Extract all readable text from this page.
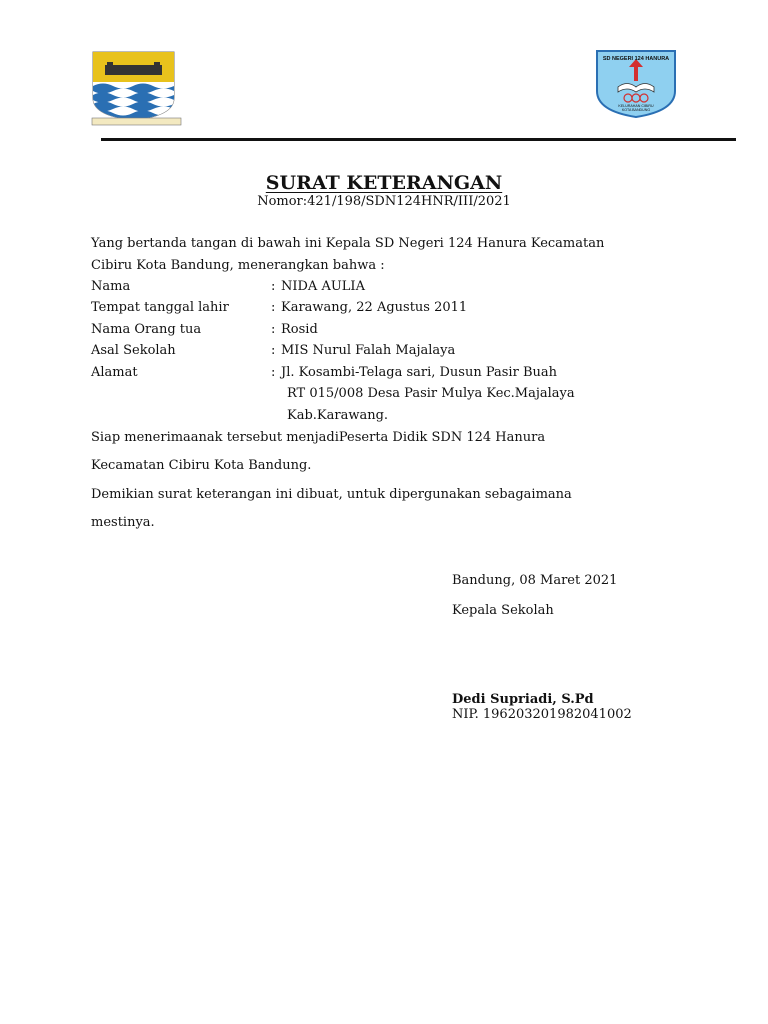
SD NEGERI 124 HANURA
KELURAHAN CIBIRU
KOTA BANDUNG
SURAT KETERANGAN
Nomor:421/198/SDN124HNR/III/2021
Yang bertanda tangan di bawah ini Kepala SD Negeri 124 Hanura Kecamatan
Cibiru Kota Bandung, menerangkan bahwa :
Nama	: NIDA AULIA
Tempat tanggal lahir	: Karawang, 22 Agustus 2011
Nama Orang tua	: Rosid
Asal Sekolah	: MIS Nurul Falah Majalaya
Alamat	: Jl. Kosambi-Telaga sari, Dusun Pasir Buah
RT 015/008 Desa Pasir Mulya Kec.Majalaya
Kab.Karawang.
Siap menerimaanak tersebut menjadiPeserta Didik SDN 124 Hanura
Kecamatan Cibiru Kota Bandung.
Demikian surat keterangan ini dibuat, untuk dipergunakan sebagaimana
mestinya.
Bandung, 08 Maret 2021
Kepala Sekolah
Dedi Supriadi, S.Pd
NIP. 196203201982041002
